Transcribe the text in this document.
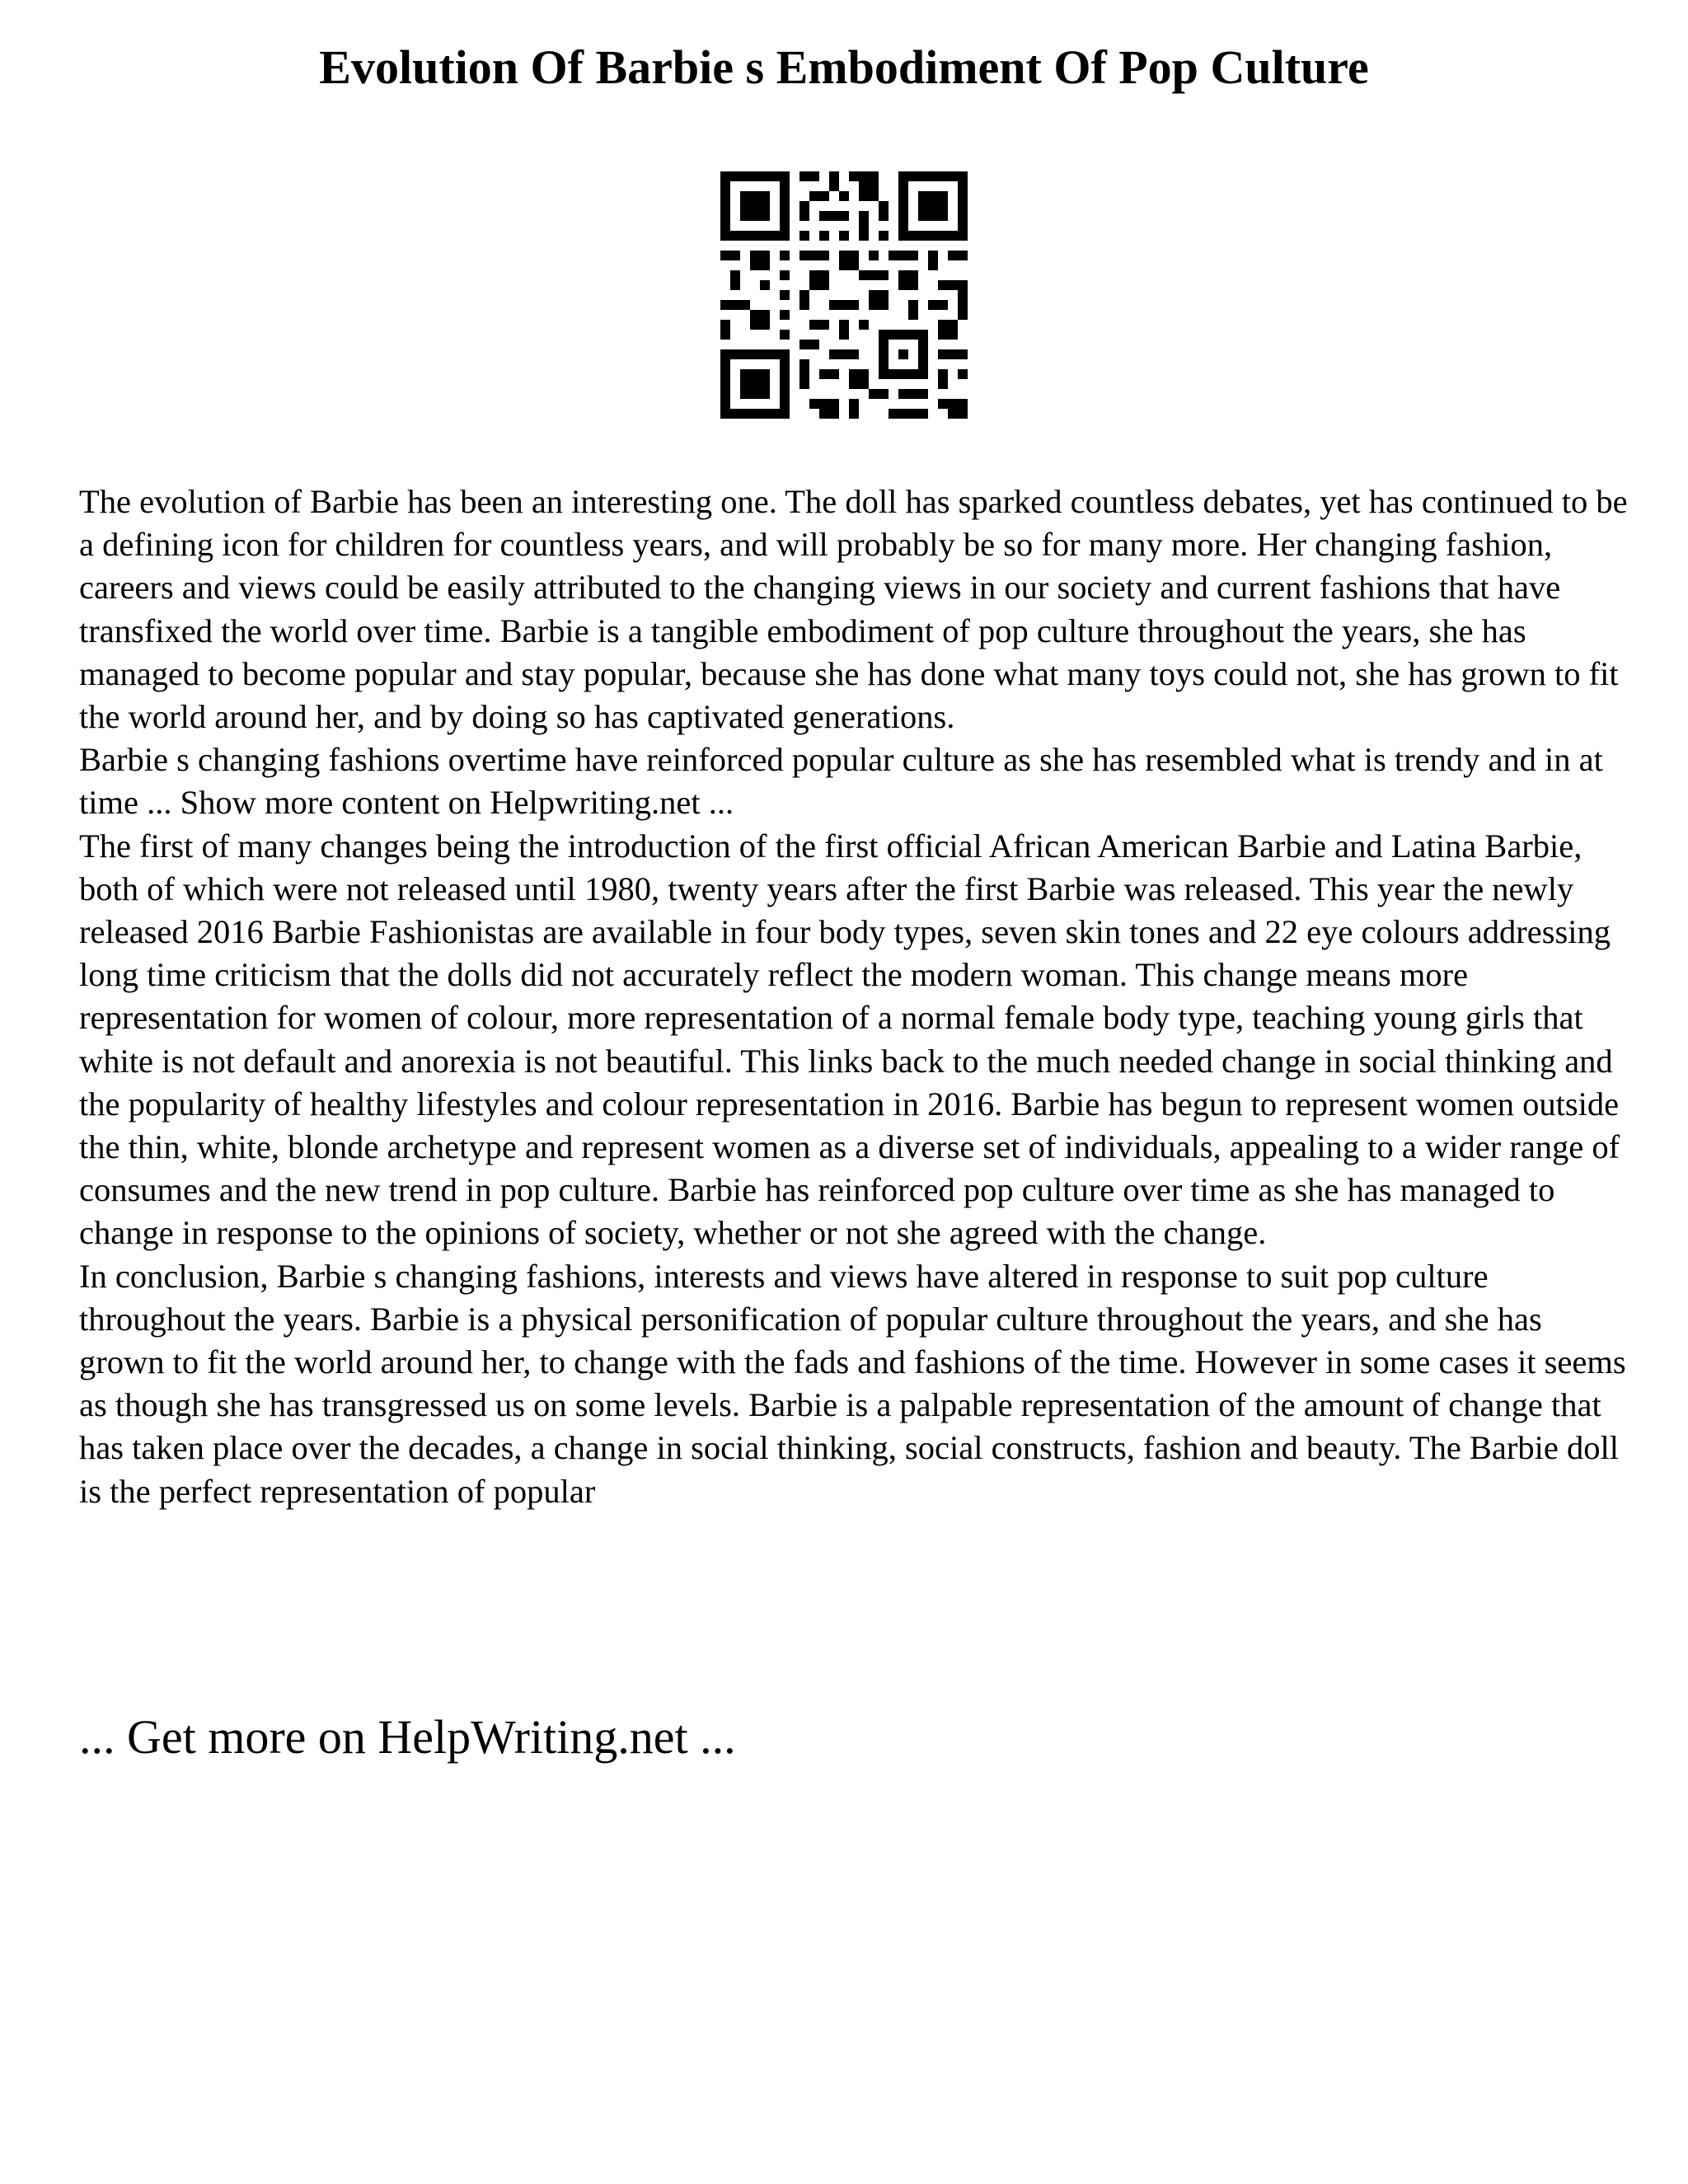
Evolution Of Barbie s Embodiment Of Pop Culture

The evolution of Barbie has been an interesting one. The doll has sparked countless debates, yet has continued to be a defining icon for children for countless years, and will probably be so for many more. Her changing fashion, careers and views could be easily attributed to the changing views in our society and current fashions that have transfixed the world over time. Barbie is a tangible embodiment of pop culture throughout the years, she has managed to become popular and stay popular, because she has done what many toys could not, she has grown to fit the world around her, and by doing so has captivated generations.

Barbie s changing fashions overtime have reinforced popular culture as she has resembled what is trendy and in at time ... Show more content on Helpwriting.net ...

The first of many changes being the introduction of the first official African American Barbie and Latina Barbie, both of which were not released until 1980, twenty years after the first Barbie was released. This year the newly released 2016 Barbie Fashionistas are available in four body types, seven skin tones and 22 eye colours addressing long time criticism that the dolls did not accurately reflect the modern woman. This change means more representation for women of colour, more representation of a normal female body type, teaching young girls that white is not default and anorexia is not beautiful. This links back to the much needed change in social thinking and the popularity of healthy lifestyles and colour representation in 2016. Barbie has begun to represent women outside the thin, white, blonde archetype and represent women as a diverse set of individuals, appealing to a wider range of consumes and the new trend in pop culture. Barbie has reinforced pop culture over time as she has managed to change in response to the opinions of society, whether or not she agreed with the change.

In conclusion, Barbie s changing fashions, interests and views have altered in response to suit pop culture throughout the years. Barbie is a physical personification of popular culture throughout the years, and she has grown to fit the world around her, to change with the fads and fashions of the time. However in some cases it seems as though she has transgressed us on some levels. Barbie is a palpable representation of the amount of change that has taken place over the decades, a change in social thinking, social constructs, fashion and beauty. The Barbie doll is the perfect representation of popular

... Get more on HelpWriting.net ...
